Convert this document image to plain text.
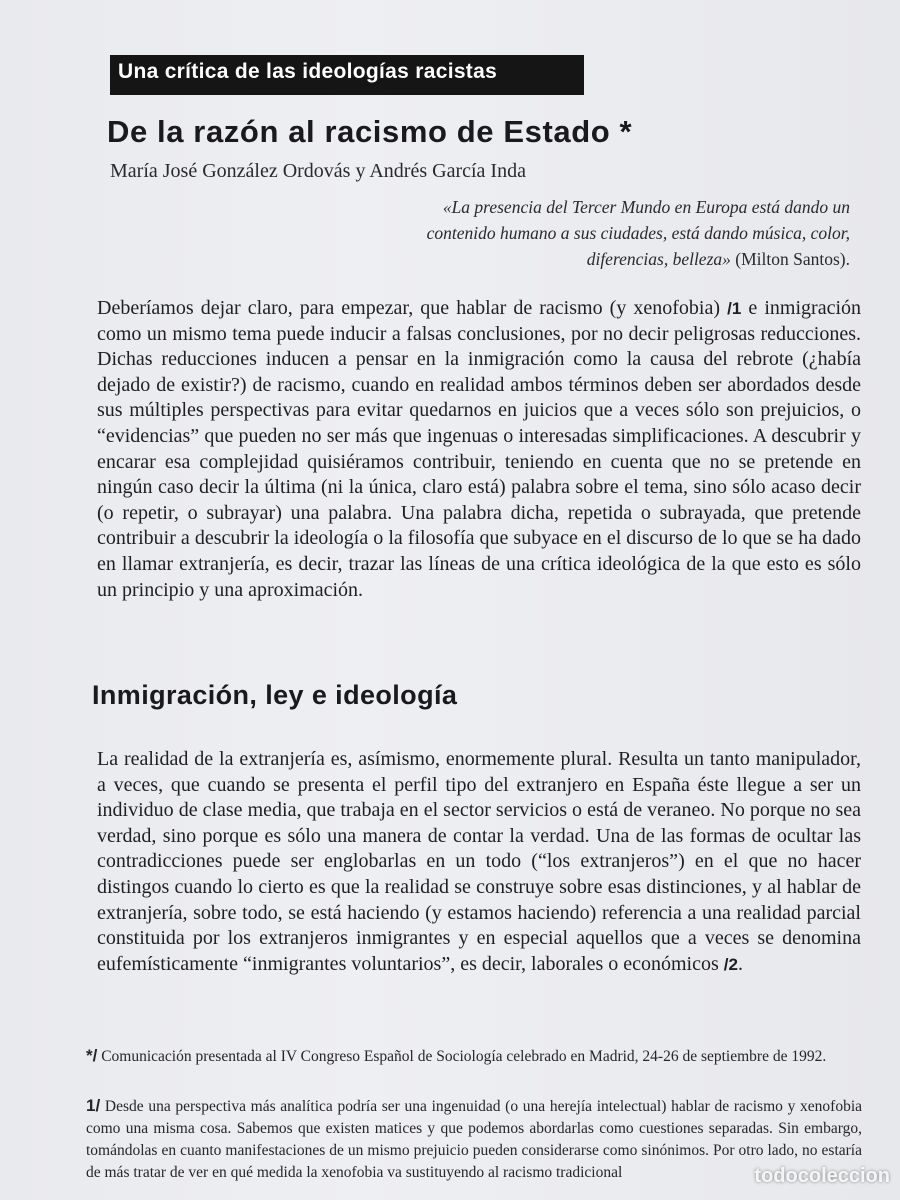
Una crítica de las ideologías racistas
De la razón al racismo de Estado *
María José González Ordovás y Andrés García Inda
«La presencia del Tercer Mundo en Europa está dando un contenido humano a sus ciudades, está dando música, color, diferencias, belleza» (Milton Santos).

Deberíamos dejar claro, para empezar, que hablar de racismo (y xenofobia) /1 e inmigración como un mismo tema puede inducir a falsas conclusiones, por no decir peligrosas reducciones. Dichas reducciones inducen a pensar en la inmigración como la causa del rebrote (¿había dejado de existir?) de racismo, cuando en realidad ambos términos deben ser abordados desde sus múltiples perspectivas para evitar quedarnos en juicios que a veces sólo son prejuicios, o “evidencias” que pueden no ser más que ingenuas o interesadas simplificaciones. A descubrir y encarar esa complejidad quisiéramos contribuir, teniendo en cuenta que no se pretende en ningún caso decir la última (ni la única, claro está) palabra sobre el tema, sino sólo acaso decir (o repetir, o subrayar) una palabra. Una palabra dicha, repetida o subrayada, que pretende contribuir a descubrir la ideología o la filosofía que subyace en el discurso de lo que se ha dado en llamar extranjería, es decir, trazar las líneas de una crítica ideológica de la que esto es sólo un principio y una aproximación.

Inmigración, ley e ideología

La realidad de la extranjería es, asímismo, enormemente plural. Resulta un tanto manipulador, a veces, que cuando se presenta el perfil tipo del extranjero en España éste llegue a ser un individuo de clase media, que trabaja en el sector servicios o está de veraneo. No porque no sea verdad, sino porque es sólo una manera de contar la verdad. Una de las formas de ocultar las contradicciones puede ser englobarlas en un todo (“los extranjeros”) en el que no hacer distingos cuando lo cierto es que la realidad se construye sobre esas distinciones, y al hablar de extranjería, sobre todo, se está haciendo (y estamos haciendo) referencia a una realidad parcial constituida por los extranjeros inmigrantes y en especial aquellos que a veces se denomina eufemísticamente “inmigrantes voluntarios”, es decir, laborales o económicos /2.

*/ Comunicación presentada al IV Congreso Español de Sociología celebrado en Madrid, 24-26 de septiembre de 1992.

1/ Desde una perspectiva más analítica podría ser una ingenuidad (o una herejía intelectual) hablar de racismo y xenofobia como una misma cosa. Sabemos que existen matices y que podemos abordarlas como cuestiones separadas. Sin embargo, tomándolas en cuanto manifestaciones de un mismo prejuicio pueden considerarse como sinónimos. Por otro lado, no estaría de más tratar de ver en qué medida la xenofobia va sustituyendo al racismo tradicional	todocoleccion
